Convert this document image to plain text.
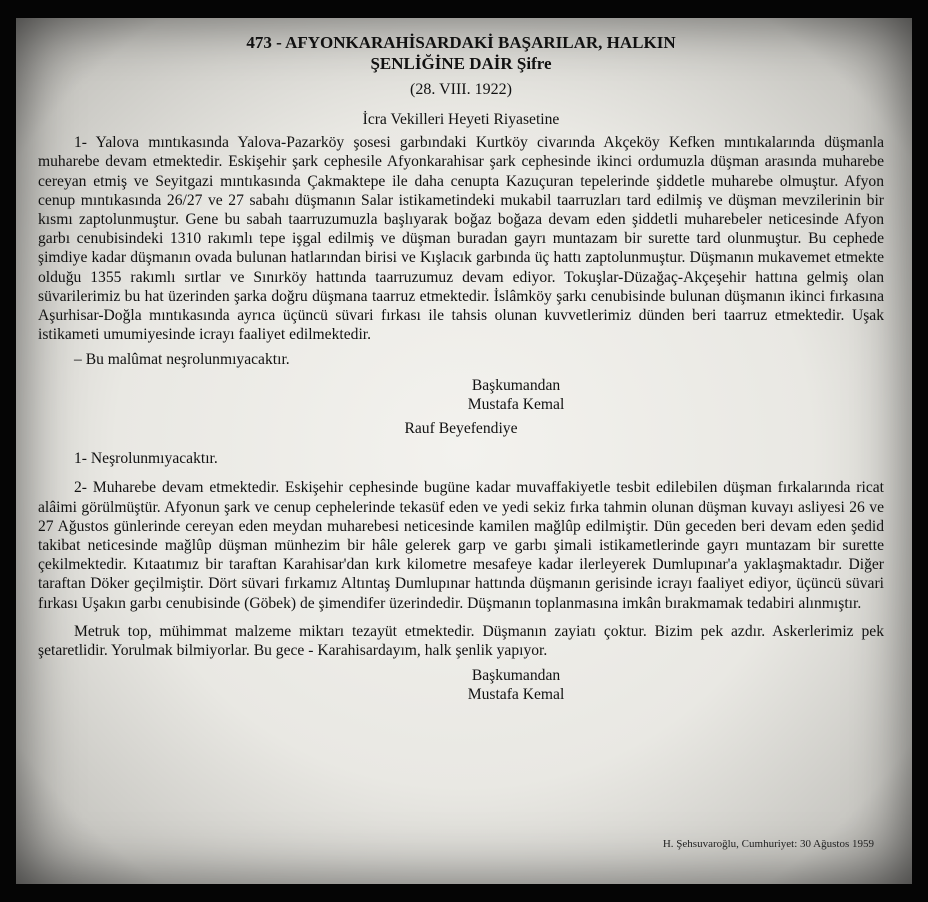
473 - AFYONKARAHİSARDAKİ BAŞARILAR, HALKIN

ŞENLİĞİNE DAİR Şifre

(28. VIII. 1922)

İcra Vekilleri Heyeti Riyasetine

1- Yalova mıntıkasında Yalova-Pazarköy şosesi garbındaki Kurtköy civarında Akçeköy Kefken mıntıkalarında düşmanla muharebe devam etmektedir. Eskişehir şark cephesile Afyonkarahisar şark cephesinde ikinci ordumuzla düşman arasında muharebe cereyan etmiş ve Seyitgazi mıntıkasında Çakmaktepe ile daha cenupta Kazuçuran tepelerinde şiddetle muharebe olmuştur. Afyon cenup mıntıkasında 26/27 ve 27 sabahı düşmanın Salar istikametindeki mukabil taarruzları tard edilmiş ve düşman mevzilerinin bir kısmı zaptolunmuştur. Gene bu sabah taarruzumuzla başlıyarak boğaz boğaza devam eden şiddetli muharebeler neticesinde Afyon garbı cenubisindeki 1310 rakımlı tepe işgal edilmiş ve düşman buradan gayrı muntazam bir surette tard olunmuştur. Bu cephede şimdiye kadar düşmanın ovada bulunan hatlarından birisi ve Kışlacık garbında üç hattı zaptolunmuştur. Düşmanın mukavemet etmekte olduğu 1355 rakımlı sırtlar ve Sınırköy hattında taarruzumuz devam ediyor. Tokuşlar-Düzağaç-Akçeşehir hattına gelmiş olan süvarilerimiz bu hat üzerinden şarka doğru düşmana taarruz etmektedir. İslâmköy şarkı cenubisinde bulunan düşmanın ikinci fırkasına Aşurhisar-Doğla mıntıkasında ayrıca üçüncü süvari fırkası ile tahsis olunan kuvvetlerimiz dünden beri taarruz etmektedir. Uşak istikameti umumiyesinde icrayı faaliyet edilmektedir.

– Bu malûmat neşrolunmıyacaktır.

Başkumandan

Mustafa Kemal

Rauf Beyefendiye

1- Neşrolunmıyacaktır.

2- Muharebe devam etmektedir. Eskişehir cephesinde bugüne kadar muvaffakiyetle tesbit edilebilen düşman fırkalarında ricat alâimi görülmüştür. Afyonun şark ve cenup cephelerinde tekasüf eden ve yedi sekiz fırka tahmin olunan düşman kuvayı asliyesi 26 ve 27 Ağustos günlerinde cereyan eden meydan muharebesi neticesinde kamilen mağlûp edilmiştir. Dün geceden beri devam eden şedid takibat neticesinde mağlûp düşman münhezim bir hâle gelerek garp ve garbı şimali istikametlerinde gayrı muntazam bir surette çekilmektedir. Kıtaatımız bir taraftan Karahisar'dan kırk kilometre mesafeye kadar ilerleyerek Dumlupınar'a yaklaşmaktadır. Diğer taraftan Döker geçilmiştir. Dört süvari fırkamız Altıntaş Dumlupınar hattında düşmanın gerisinde icrayı faaliyet ediyor, üçüncü süvari fırkası Uşakın garbı cenubisinde (Göbek) de şimendifer üzerindedir. Düşmanın toplanmasına imkân bırakmamak tedabiri alınmıştır.

Metruk top, mühimmat malzeme miktarı tezayüt etmektedir. Düşmanın zayiatı çoktur. Bizim pek azdır. Askerlerimiz pek şetaretlidir. Yorulmak bilmiyorlar. Bu gece - Karahisardayım, halk şenlik yapıyor.

Başkumandan

Mustafa Kemal

H. Şehsuvaroğlu, Cumhuriyet: 30 Ağustos 1959
